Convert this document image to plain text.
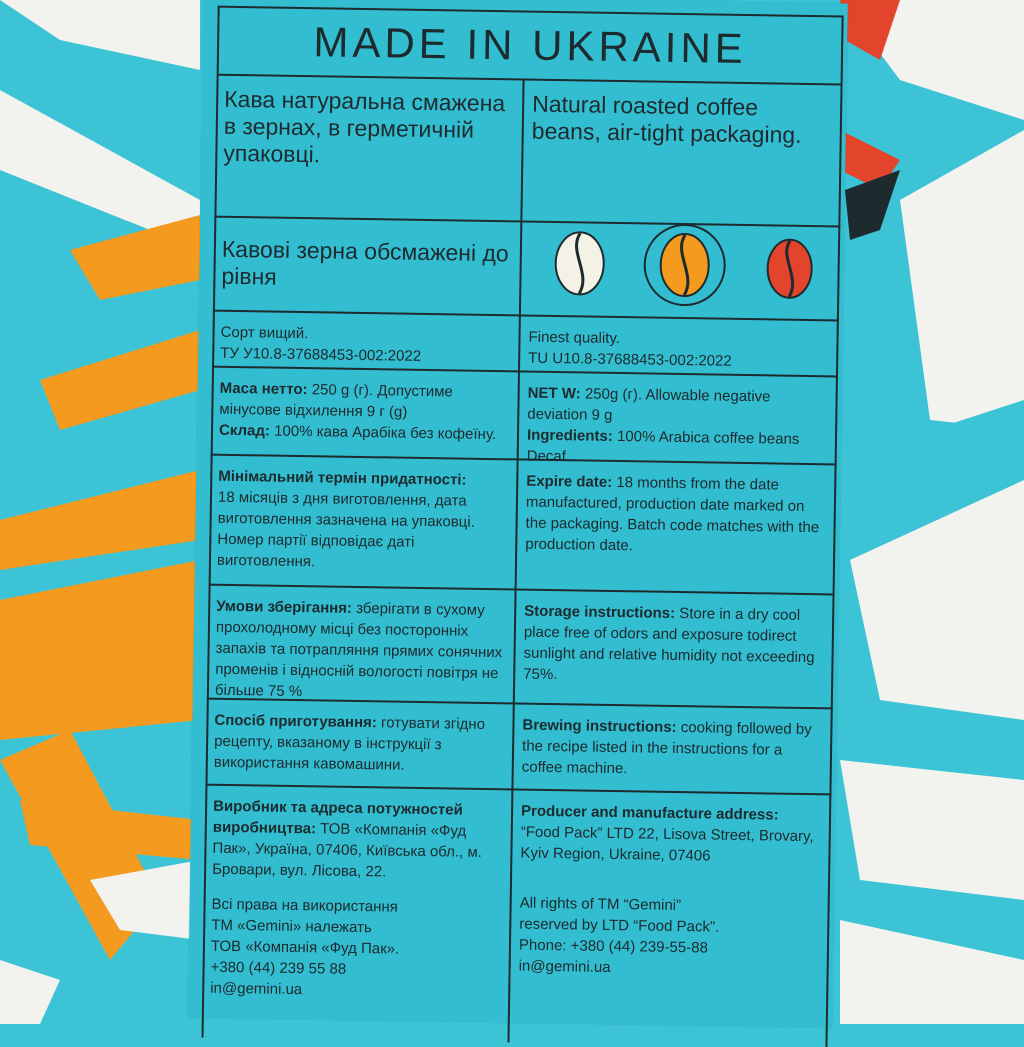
MADE IN UKRAINE
Кава натуральна смажена в зернах, в герметичній упаковці.
Natural roasted coffee beans, air-tight packaging.
Кавові зерна обсмажені до рівня
Сорт вищий.
ТУ У10.8-37688453-002:2022
Finest quality.
TU U10.8-37688453-002:2022
Маса нетто: 250 g (г). Допустиме мінусове відхилення 9 г (g)
Склад: 100% кава Арабіка без кофеїну.
NET W: 250g (г). Allowable negative deviation 9 g
Ingredients: 100% Arabica coffee beans Decaf.
Мінімальний термін придатності:
18 місяців з дня виготовлення, дата виготовлення зазначена на упаковці. Номер партії відповідає даті виготовлення.
Expire date: 18 months from the date manufactured, production date marked on the packaging. Batch code matches with the production date.
Умови зберігання: зберігати в сухому прохолодному місці без посторонніх запахів та потрапляння прямих сонячних променів і відносній вологості повітря не більше 75 %
Storage instructions: Store in a dry cool place free of odors and exposure todirect sunlight and relative humidity not exceeding 75%.
Спосіб приготування: готувати згідно рецепту, вказаному в інструкції з використання кавомашини.
Brewing instructions: cooking followed by the recipe listed in the instructions for a coffee machine.
Виробник та адреса потужностей виробництва: ТОВ «Компанія «Фуд Пак», Україна, 07406, Київська обл., м. Бровари, вул. Лісова, 22.
Producer and manufacture address: “Food Pack” LTD 22, Lisova Street, Brovary, Kyiv Region, Ukraine, 07406
Всі права на використання
ТМ «Gemini» належать
ТОВ «Компанія «Фуд Пак».
+380 (44) 239 55 88
in@gemini.ua
All rights of TM “Gemini”
reserved by LTD “Food Pack”.
Phone: +380 (44) 239-55-88
in@gemini.ua
